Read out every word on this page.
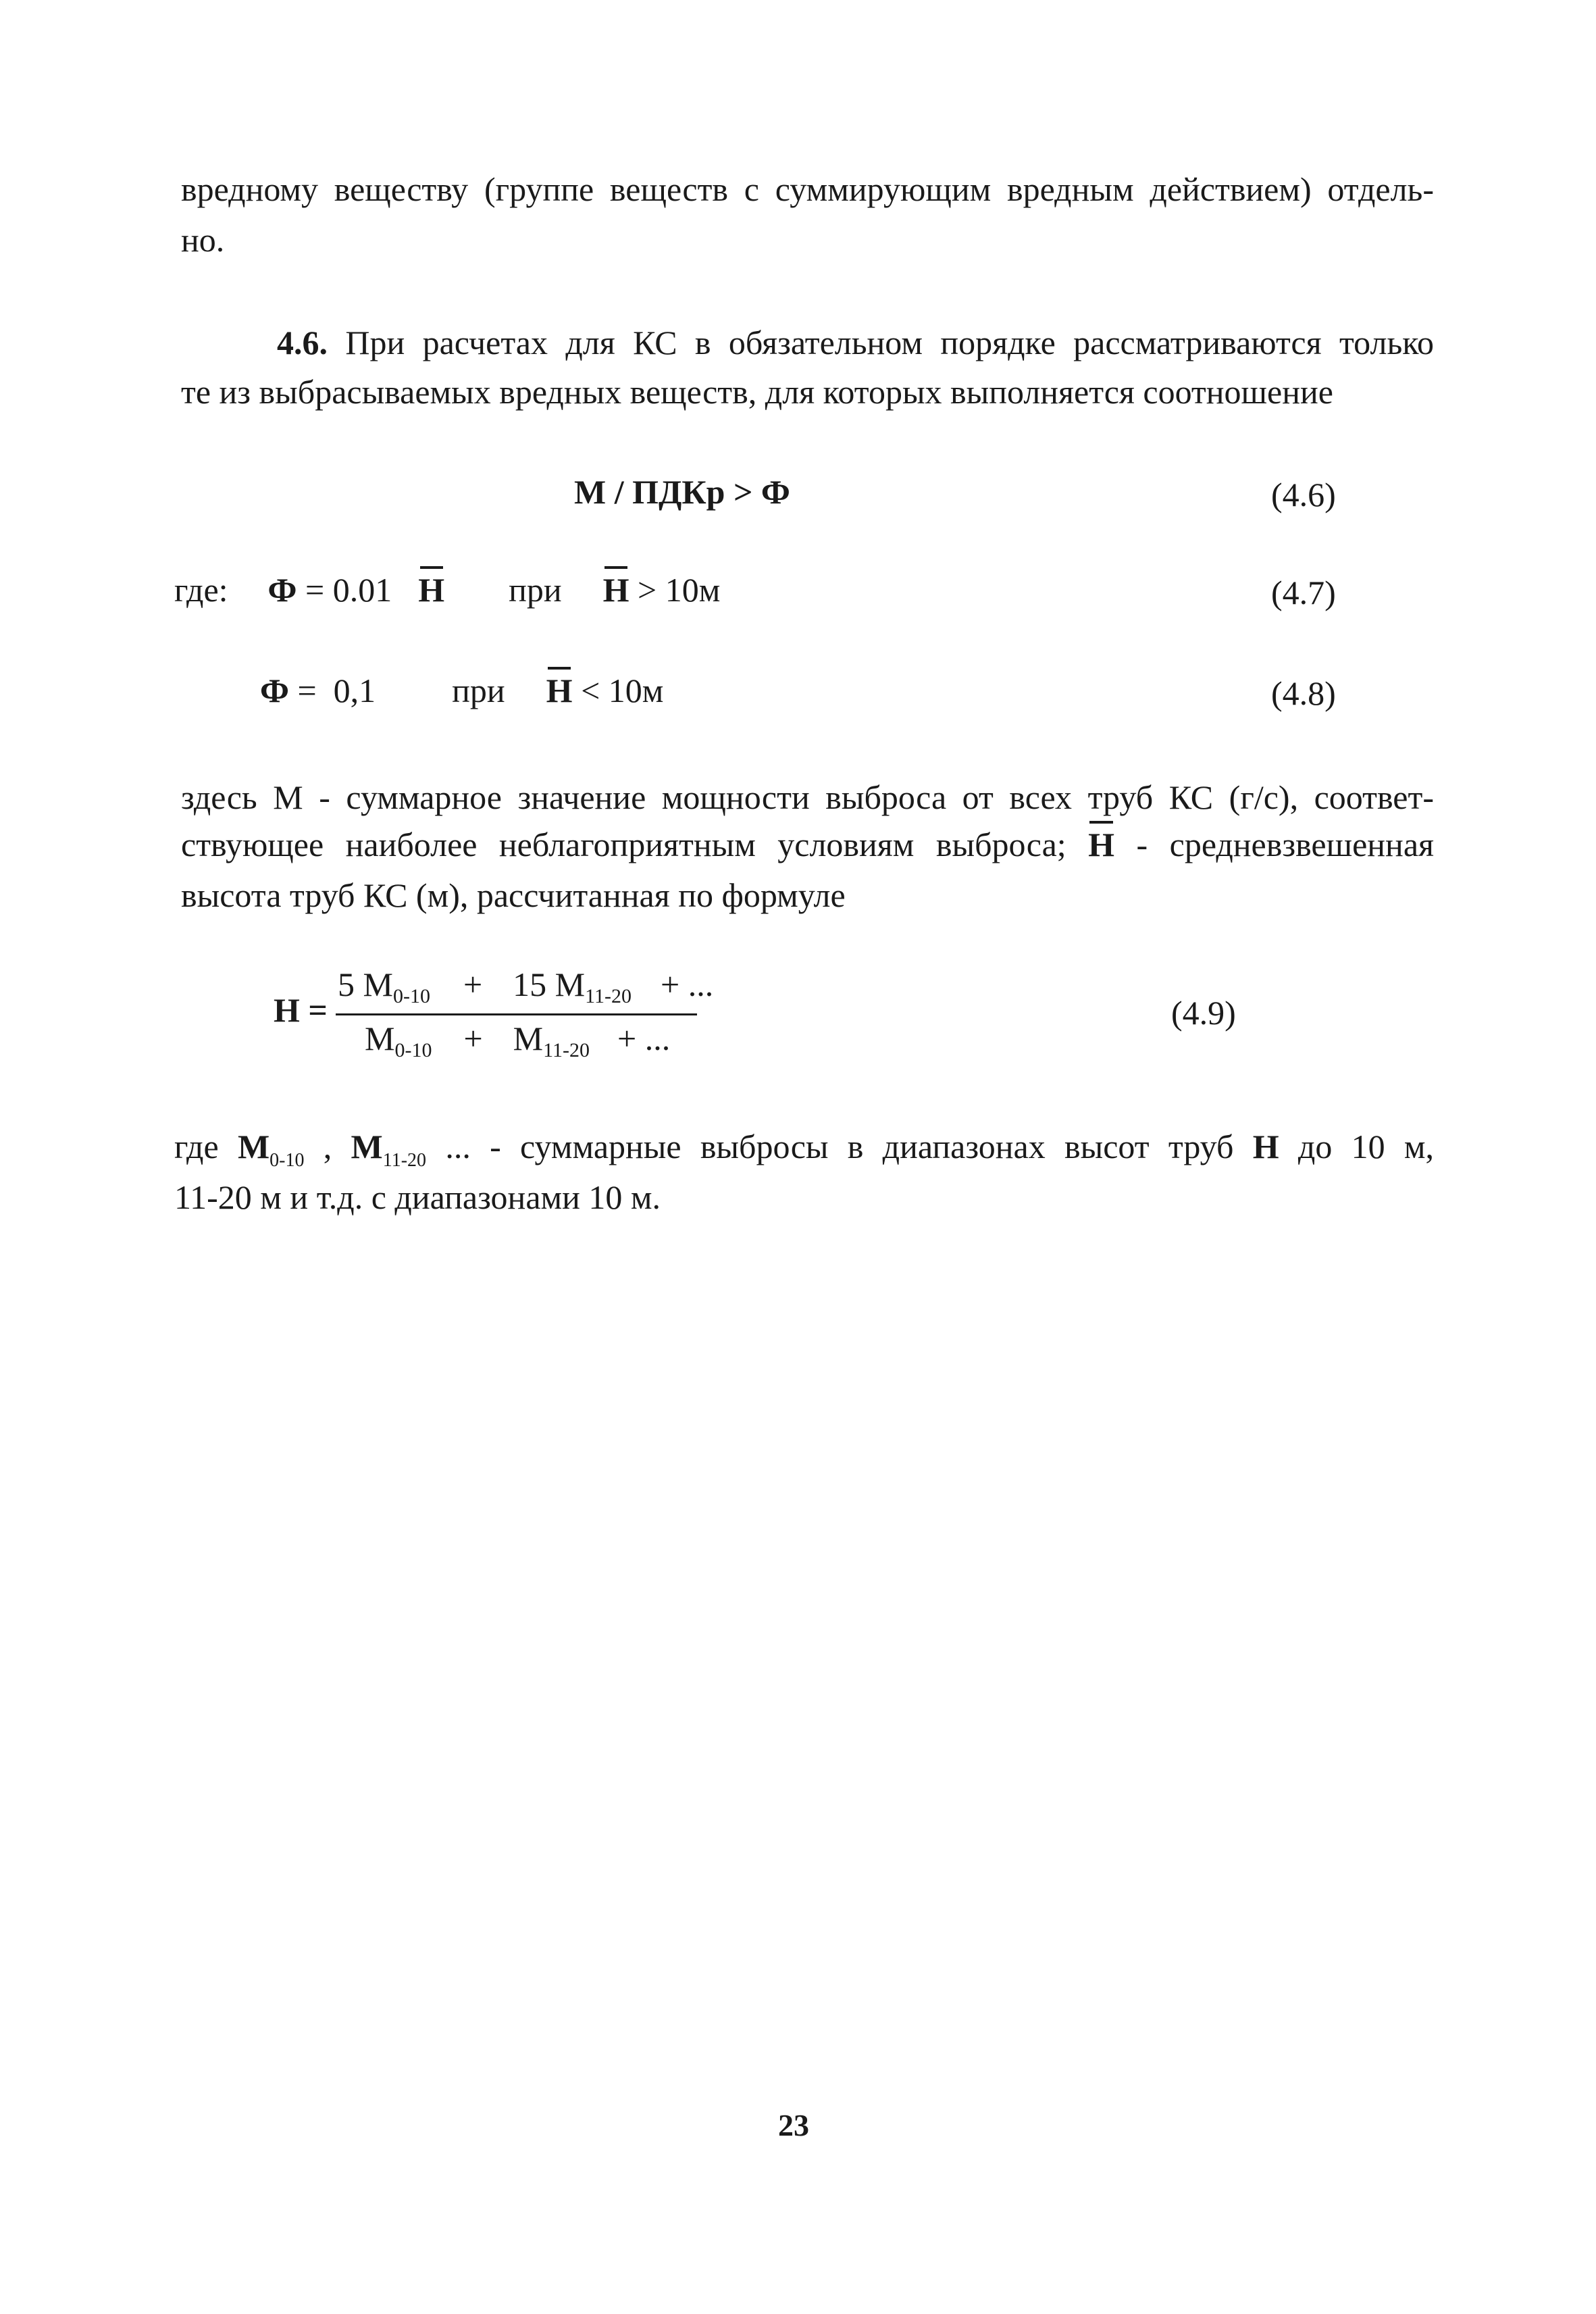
вредному веществу (группе веществ с суммирующим вредным действием) отдель-
но.
4.6. При расчетах для КС в обязательном порядке рассматриваются только
те из выбрасываемых вредных веществ, для которых выполняется соотношение
М / ПДКр > Ф	(4.6)
где: Ф = 0.01 Н при Н > 10м	(4.7)
Ф =  0,1 при Н < 10м	(4.8)
здесь М - суммарное значение мощности выброса от всех труб КС (г/с), соответ-
ствующее наиболее неблагоприятным условиям выброса; Н - средневзвешенная
высота труб КС (м), рассчитанная по формуле
Н =
5 $М_{0-10} + 15$ $М_{11-20}$ + ...
$М_{0-10} + М_{11-20}$ + ...
(4.9)
где $М_{0-10}$ , $М_{11-20}$ ... - суммарные выбросы в диапазонах высот труб Н до 10 м,
11-20 м и т.д. с диапазонами 10 м.
23
